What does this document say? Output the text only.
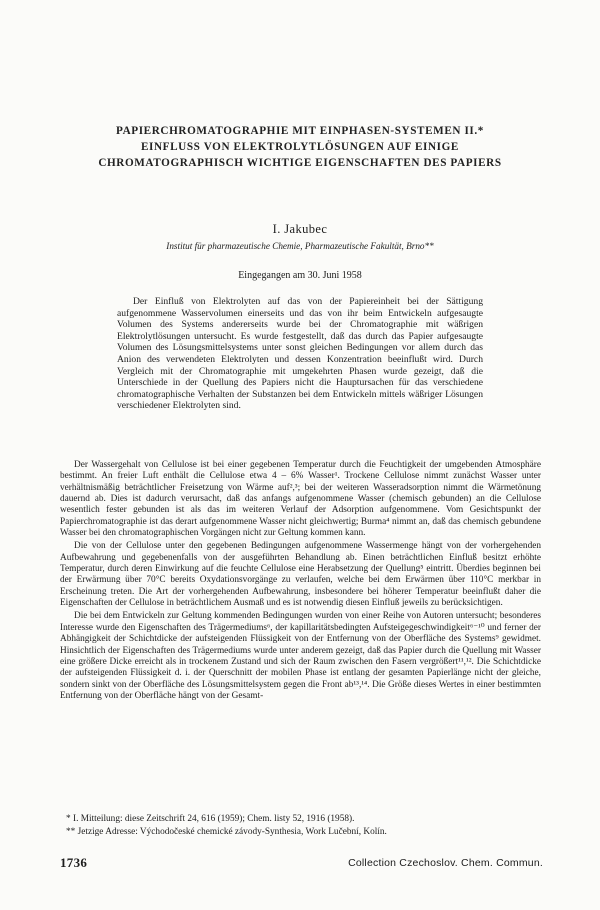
PAPIERCHROMATOGRAPHIE MIT EINPHASEN-SYSTEMEN II.*
EINFLUSS VON ELEKTROLYTLÖSUNGEN AUF EINIGE
CHROMATOGRAPHISCH WICHTIGE EIGENSCHAFTEN DES PAPIERS
I. Jakubec
Institut für pharmazeutische Chemie, Pharmazeutische Fakultät, Brno**
Eingegangen am 30. Juni 1958

Der Einfluß von Elektrolyten auf das von der Papiereinheit bei der Sättigung aufgenommene Wasservolumen einerseits und das von ihr beim Entwickeln aufgesaugte Volumen des Systems andererseits wurde bei der Chromatographie mit wäßrigen Elektrolytlösungen untersucht. Es wurde festgestellt, daß das durch das Papier aufgesaugte Volumen des Lösungsmittelsystems unter sonst gleichen Bedingungen vor allem durch das Anion des verwendeten Elektrolyten und dessen Konzentration beeinflußt wird. Durch Vergleich mit der Chromatographie mit umgekehrten Phasen wurde gezeigt, daß die Unterschiede in der Quellung des Papiers nicht die Hauptursachen für das verschiedene chromatographische Verhalten der Substanzen bei dem Entwickeln mittels wäßriger Lösungen verschiedener Elektrolyten sind.

Der Wassergehalt von Cellulose ist bei einer gegebenen Temperatur durch die Feuchtigkeit der umgebenden Atmosphäre bestimmt. An freier Luft enthält die Cellulose etwa 4 – 6% Wasser¹. Trockene Cellulose nimmt zunächst Wasser unter verhältnismäßig beträchtlicher Freisetzung von Wärme auf²,³; bei der weiteren Wasseradsorption nimmt die Wärmetönung dauernd ab. Dies ist dadurch verursacht, daß das anfangs aufgenommene Wasser (chemisch gebunden) an die Cellulose wesentlich fester gebunden ist als das im weiteren Verlauf der Adsorption aufgenommene. Vom Gesichtspunkt der Papierchromatographie ist das derart aufgenommene Wasser nicht gleichwertig; Burma⁴ nimmt an, daß das chemisch gebundene Wasser bei den chromatographischen Vorgängen nicht zur Geltung kommen kann.

Die von der Cellulose unter den gegebenen Bedingungen aufgenommene Wassermenge hängt von der vorhergehenden Aufbewahrung und gegebenenfalls von der ausgeführten Behandlung ab. Einen beträchtlichen Einfluß besitzt erhöhte Temperatur, durch deren Einwirkung auf die feuchte Cellulose eine Herabsetzung der Quellung⁵ eintritt. Überdies beginnen bei der Erwärmung über 70°C bereits Oxydationsvorgänge zu verlaufen, welche bei dem Erwärmen über 110°C merkbar in Erscheinung treten. Die Art der vorhergehenden Aufbewahrung, insbesondere bei höherer Temperatur beeinflußt daher die Eigenschaften der Cellulose in beträchtlichem Ausmaß und es ist notwendig diesen Einfluß jeweils zu berücksichtigen.

Die bei dem Entwickeln zur Geltung kommenden Bedingungen wurden von einer Reihe von Autoren untersucht; besonderes Interesse wurde den Eigenschaften des Trägermediums⁶, der kapillaritätsbedingten Aufsteigegeschwindigkeit⁶⁻¹⁰ und ferner der Abhängigkeit der Schichtdicke der aufsteigenden Flüssigkeit von der Entfernung von der Oberfläche des Systems⁹ gewidmet. Hinsichtlich der Eigenschaften des Trägermediums wurde unter anderem gezeigt, daß das Papier durch die Quellung mit Wasser eine größere Dicke erreicht als in trockenem Zustand und sich der Raum zwischen den Fasern vergrößert¹¹,¹². Die Schichtdicke der aufsteigenden Flüssigkeit d. i. der Querschnitt der mobilen Phase ist entlang der gesamten Papierlänge nicht der gleiche, sondern sinkt von der Oberfläche des Lösungsmittelsystem gegen die Front ab¹³,¹⁴. Die Größe dieses Wertes in einer bestimmten Entfernung von der Oberfläche hängt von der Gesamt-

* I. Mitteilung: diese Zeitschrift 24, 616 (1959); Chem. listy 52, 1916 (1958).
** Jetzige Adresse: Východočeské chemické závody-Synthesia, Work Lučební, Kolín.
1736	Collection Czechoslov. Chem. Commun.
